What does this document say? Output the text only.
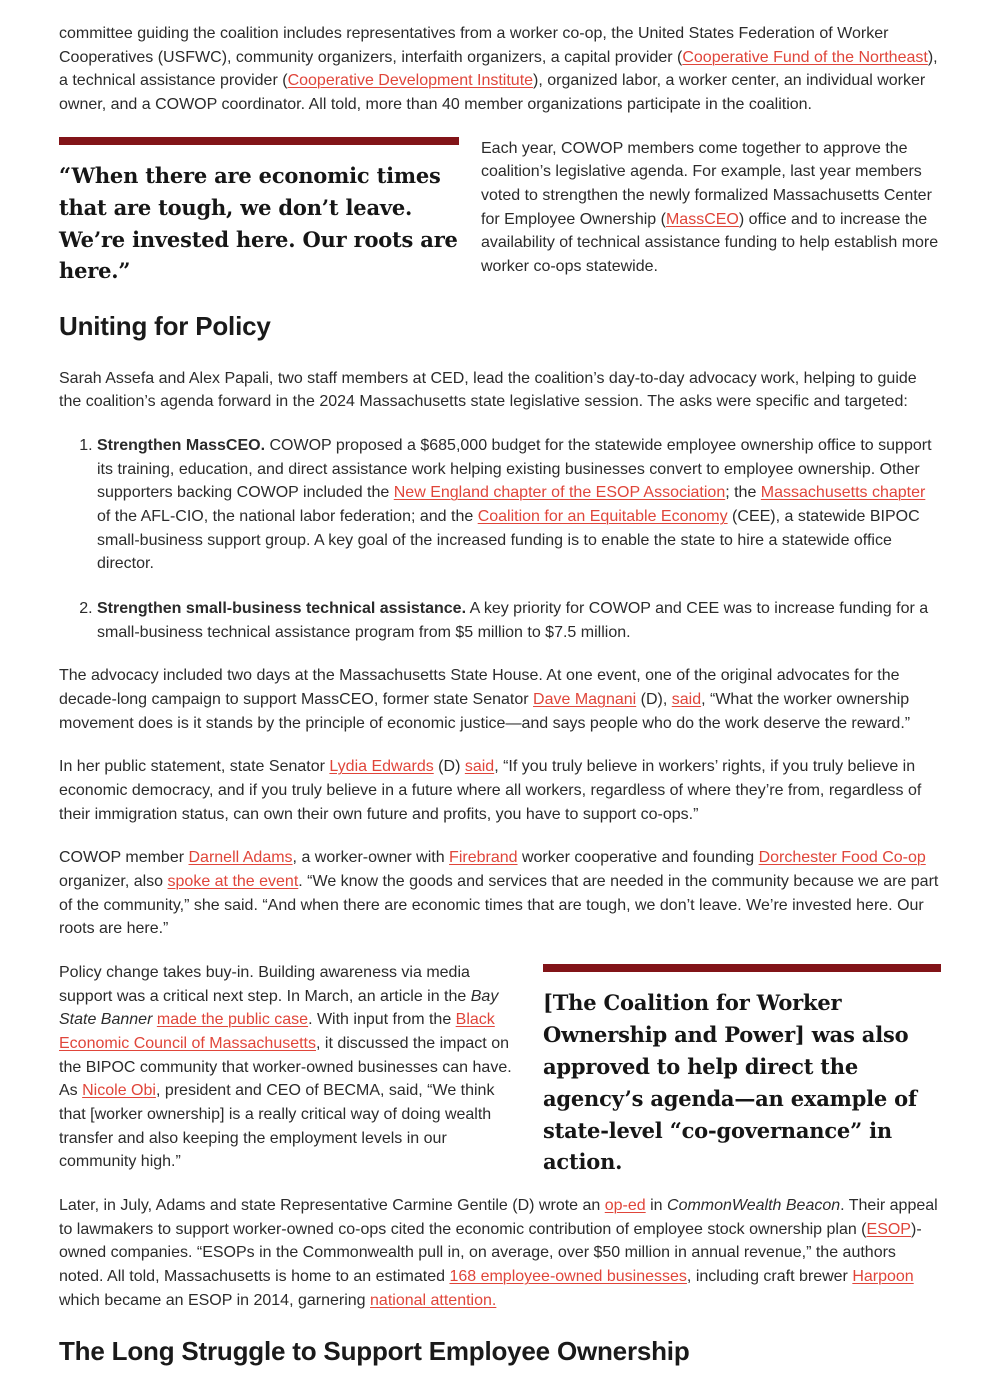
committee guiding the coalition includes representatives from a worker co-op, the United States Federation of Worker Cooperatives (USFWC), community organizers, interfaith organizers, a capital provider (Cooperative Fund of the Northeast), a technical assistance provider (Cooperative Development Institute), organized labor, a worker center, an individual worker owner, and a COWOP coordinator. All told, more than 40 member organizations participate in the coalition.

“When there are economic times that are tough, we don’t leave. We’re invested here. Our roots are here.”

Each year, COWOP members come together to approve the coalition’s legislative agenda. For example, last year members voted to strengthen the newly formalized Massachusetts Center for Employee Ownership (MassCEO) office and to increase the availability of technical assistance funding to help establish more worker co-ops statewide.

Uniting for Policy

Sarah Assefa and Alex Papali, two staff members at CED, lead the coalition’s day-to-day advocacy work, helping to guide the coalition’s agenda forward in the 2024 Massachusetts state legislative session. The asks were specific and targeted:

1. Strengthen MassCEO. COWOP proposed a $685,000 budget for the statewide employee ownership office to support its training, education, and direct assistance work helping existing businesses convert to employee ownership. Other supporters backing COWOP included the New England chapter of the ESOP Association; the Massachusetts chapter of the AFL-CIO, the national labor federation; and the Coalition for an Equitable Economy (CEE), a statewide BIPOC small-business support group. A key goal of the increased funding is to enable the state to hire a statewide office director.
2. Strengthen small-business technical assistance. A key priority for COWOP and CEE was to increase funding for a small-business technical assistance program from $5 million to $7.5 million.

The advocacy included two days at the Massachusetts State House. At one event, one of the original advocates for the decade-long campaign to support MassCEO, former state Senator Dave Magnani (D), said, “What the worker ownership movement does is it stands by the principle of economic justice—and says people who do the work deserve the reward.”

In her public statement, state Senator Lydia Edwards (D) said, “If you truly believe in workers’ rights, if you truly believe in economic democracy, and if you truly believe in a future where all workers, regardless of where they’re from, regardless of their immigration status, can own their own future and profits, you have to support co-ops.”

COWOP member Darnell Adams, a worker-owner with Firebrand worker cooperative and founding Dorchester Food Co-op organizer, also spoke at the event. “We know the goods and services that are needed in the community because we are part of the community,” she said. “And when there are economic times that are tough, we don’t leave. We’re invested here. Our roots are here.”

[The Coalition for Worker Ownership and Power] was also approved to help direct the agency’s agenda—an example of state-level “co-governance” in action.

Policy change takes buy-in. Building awareness via media support was a critical next step. In March, an article in the Bay State Banner made the public case. With input from the Black Economic Council of Massachusetts, it discussed the impact on the BIPOC community that worker-owned businesses can have. As Nicole Obi, president and CEO of BECMA, said, “We think that [worker ownership] is a really critical way of doing wealth transfer and also keeping the employment levels in our community high.”

Later, in July, Adams and state Representative Carmine Gentile (D) wrote an op-ed in CommonWealth Beacon. Their appeal to lawmakers to support worker-owned co-ops cited the economic contribution of employee stock ownership plan (ESOP)-owned companies. “ESOPs in the Commonwealth pull in, on average, over $50 million in annual revenue,” the authors noted. All told, Massachusetts is home to an estimated 168 employee-owned businesses, including craft brewer Harpoon which became an ESOP in 2014, garnering national attention.

The Long Struggle to Support Employee Ownership
